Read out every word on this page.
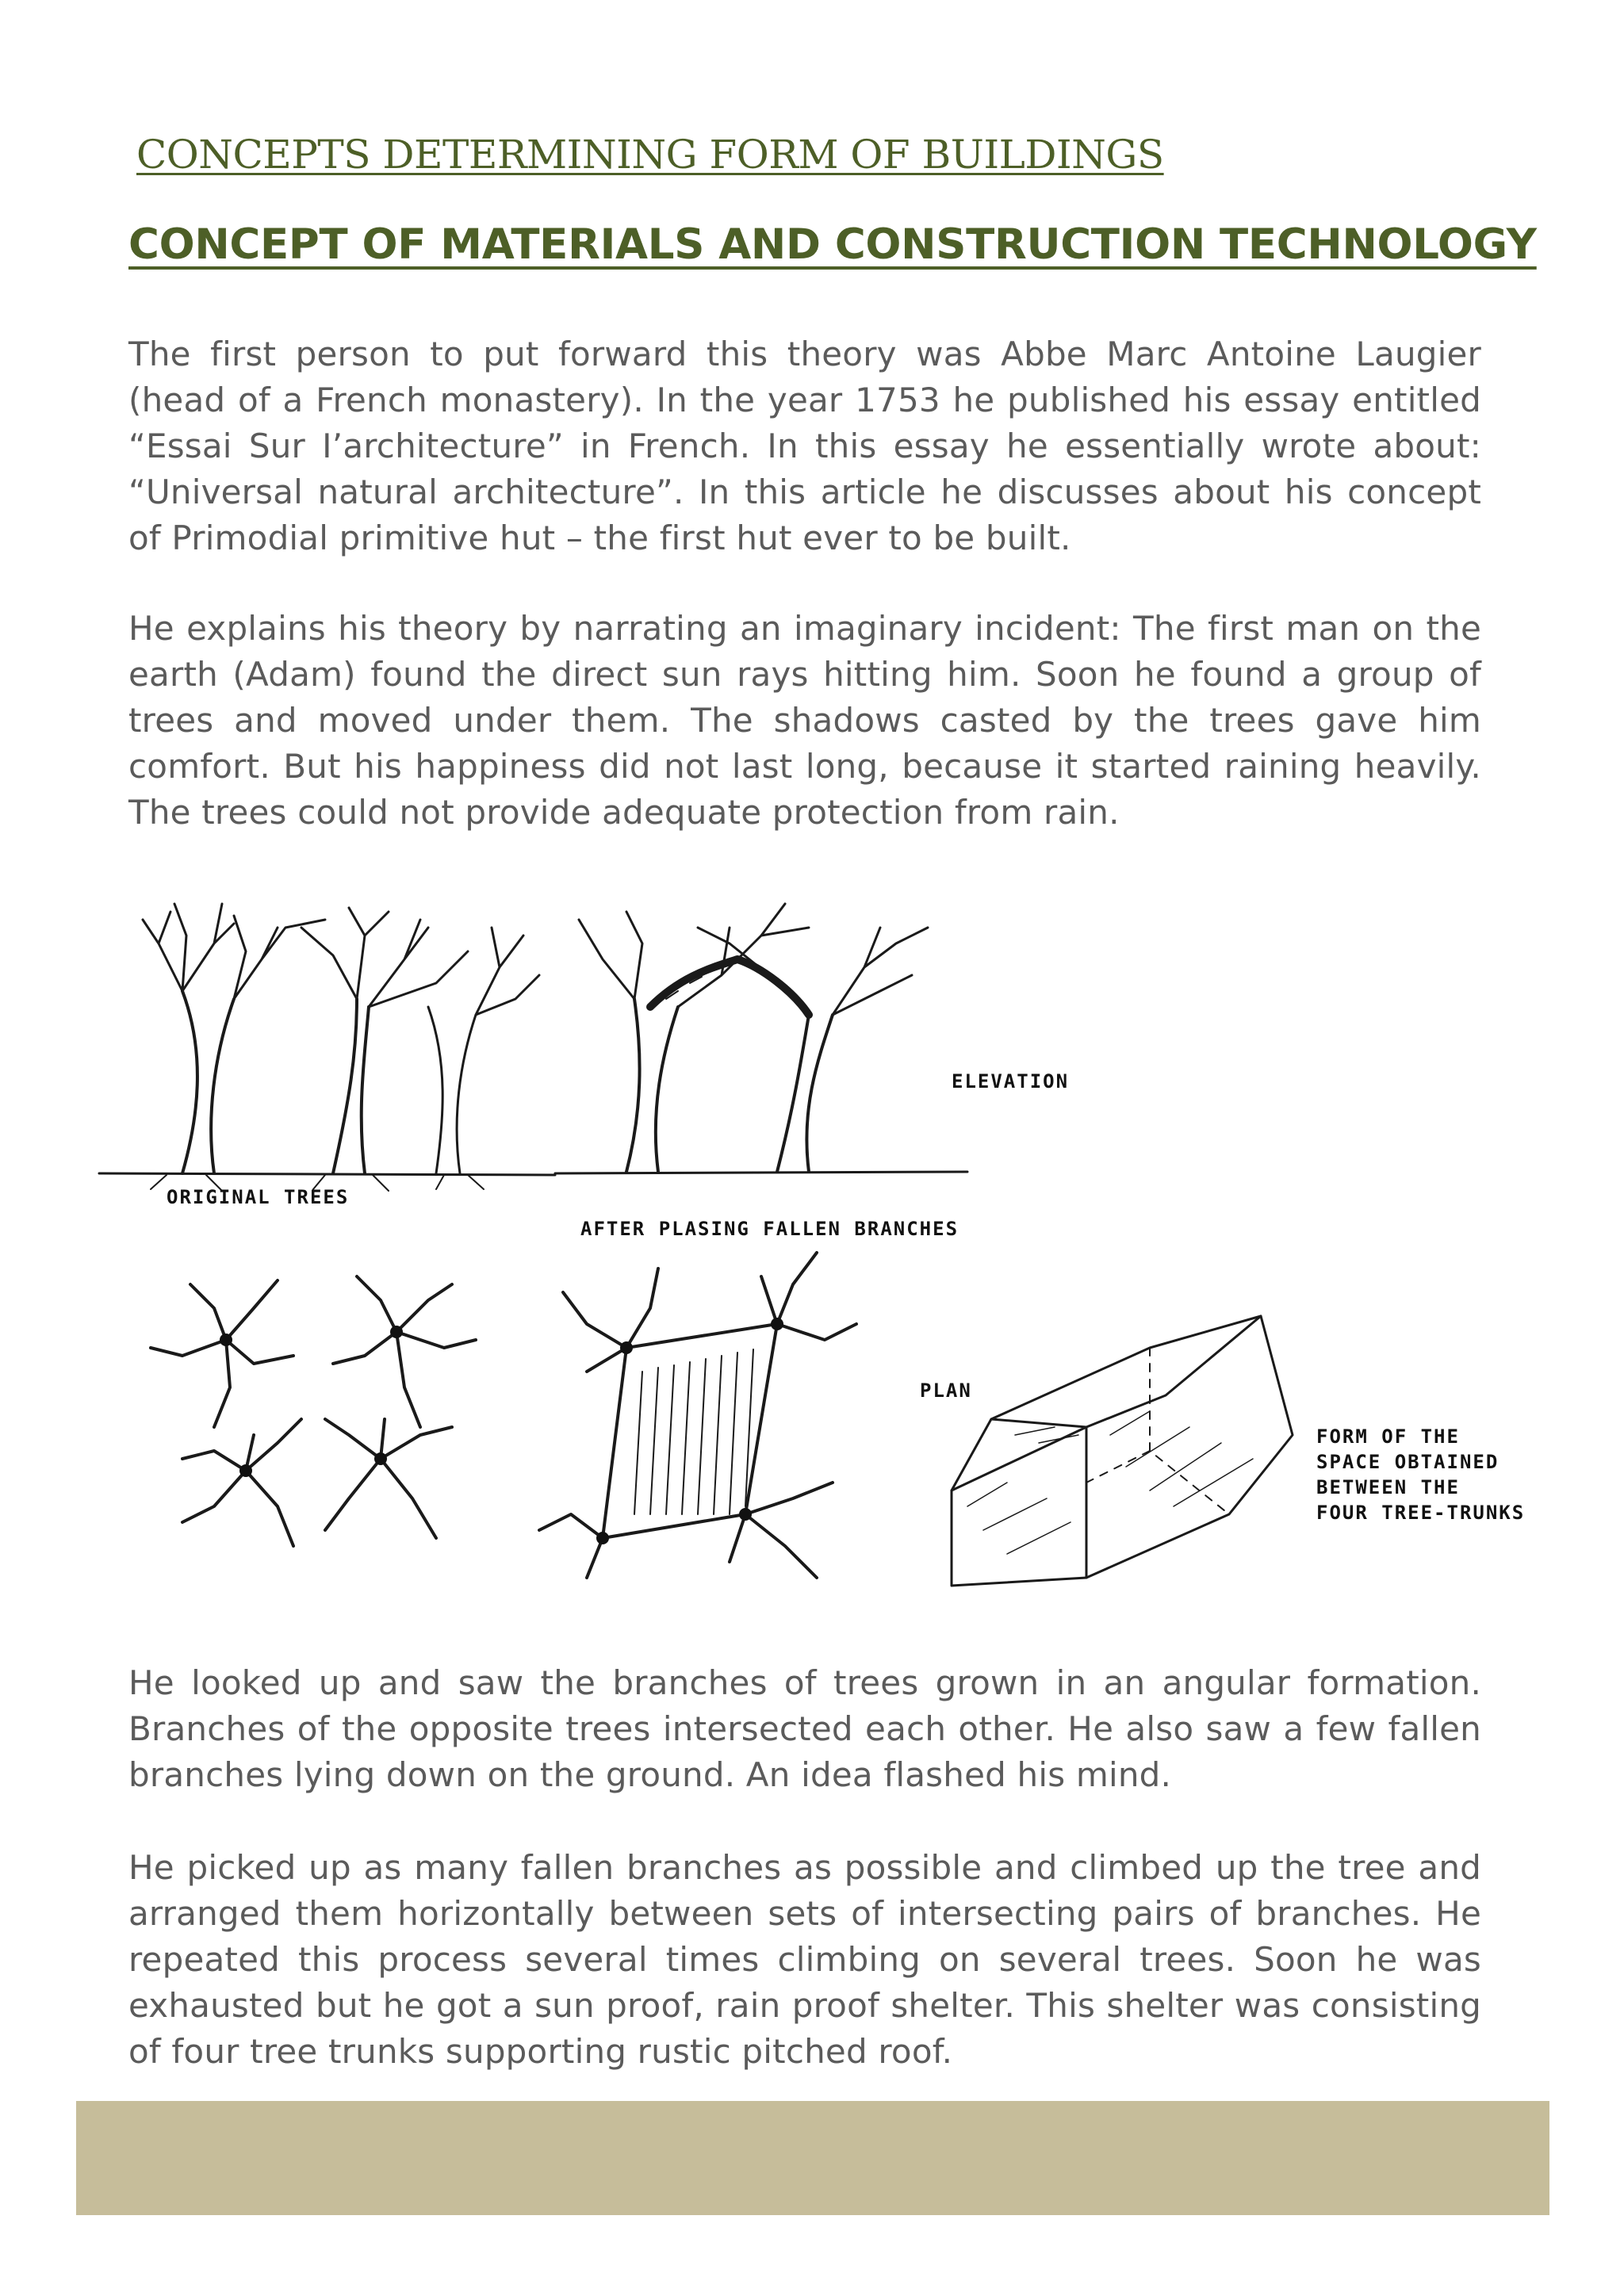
CONCEPTS DETERMINING FORM OF BUILDINGS
CONCEPT OF MATERIALS AND CONSTRUCTION TECHNOLOGY

The first person to put forward this theory was Abbe Marc Antoine Laugier (head of a French monastery). In the year 1753 he published his essay entitled “Essai Sur I’architecture” in French. In this essay he essentially wrote about: “Universal natural architecture”. In this article he discusses about his concept of Primodial primitive hut – the first hut ever to be built.

He explains his theory by narrating an imaginary incident: The first man on the earth (Adam) found the direct sun rays hitting him. Soon he found a group of trees and moved under them. The shadows casted by the trees gave him comfort. But his happiness did not last long, because it started raining heavily. The trees could not provide adequate protection from rain.

ORIGINAL TREES
AFTER PLASING FALLEN BRANCHES
ELEVATION
PLAN
FORM OF THE
SPACE OBTAINED
BETWEEN THE
FOUR TREE-TRUNKS

He looked up and saw the branches of trees grown in an angular formation. Branches of the opposite trees intersected each other. He also saw a few fallen branches lying down on the ground. An idea flashed his mind.

He picked up as many fallen branches as possible and climbed up the tree and arranged them horizontally between sets of intersecting pairs of branches. He repeated this process several times climbing on several trees. Soon he was exhausted but he got a sun proof, rain proof shelter. This shelter was consisting of four tree trunks supporting rustic pitched roof.
